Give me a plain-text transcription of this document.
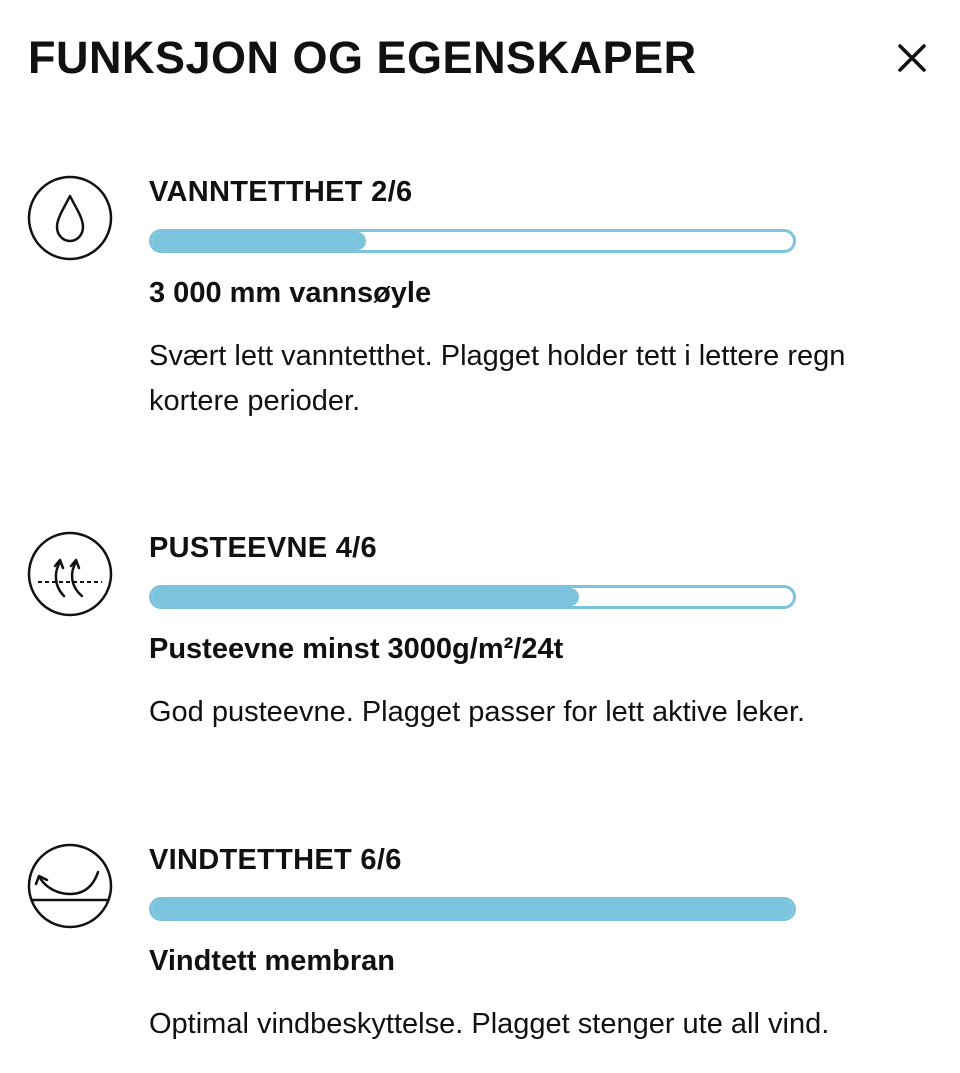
FUNKSJON OG EGENSKAPER
VANNTETTHET 2/6

3 000 mm vannsøyle

Svært lett vanntetthet. Plagget holder tett i lettere regn kortere perioder.

PUSTEEVNE 4/6

Pusteevne minst 3000g/m²/24t

God pusteevne. Plagget passer for lett aktive leker.

VINDTETTHET 6/6

Vindtett membran

Optimal vindbeskyttelse. Plagget stenger ute all vind.
